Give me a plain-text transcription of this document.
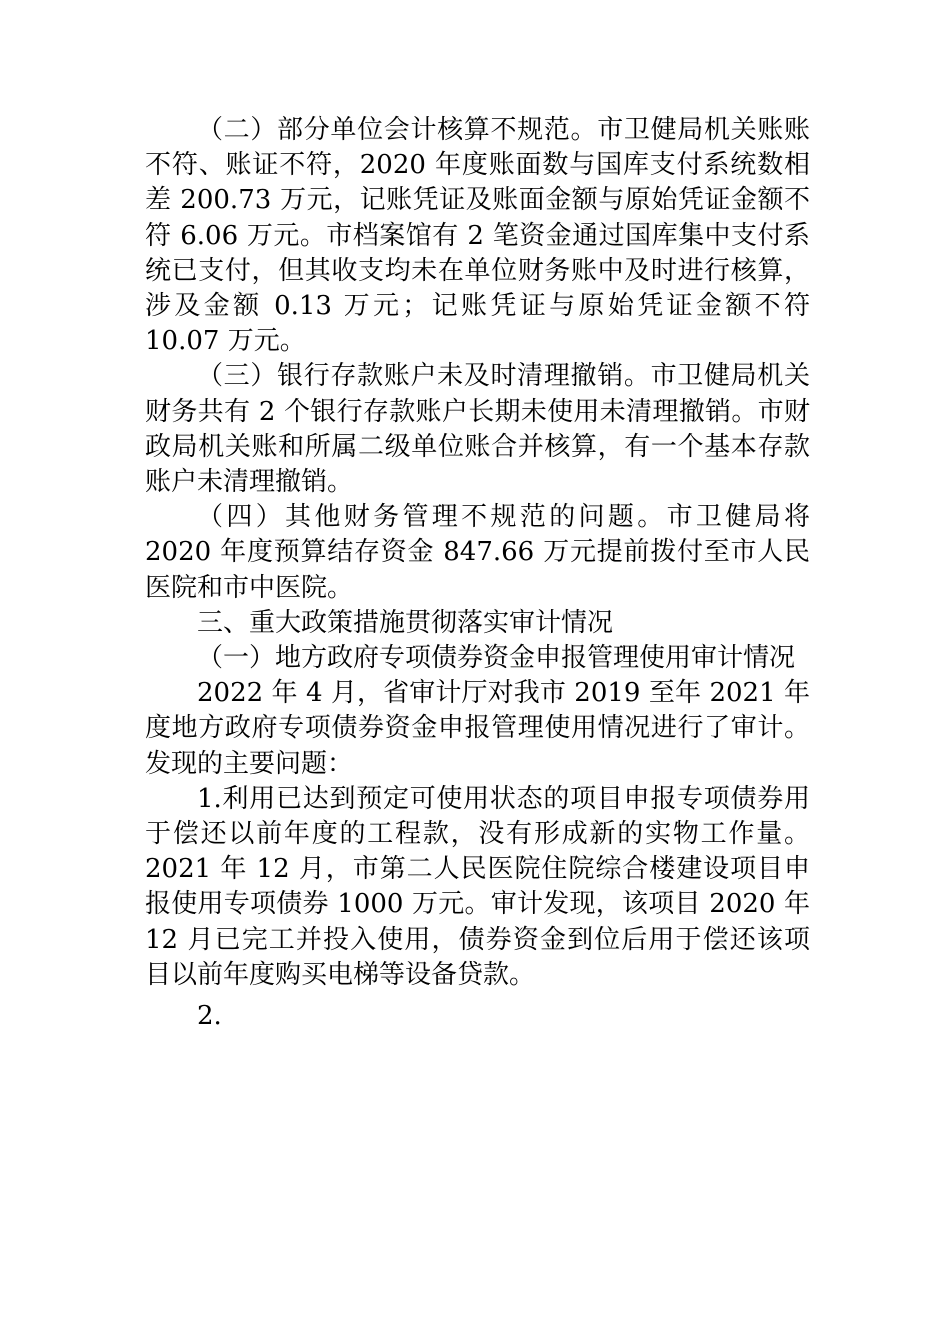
（二）部分单位会计核算不规范。市卫健局机关账账不符、账证不符，2020 年度账面数与国库支付系统数相差 200.73 万元，记账凭证及账面金额与原始凭证金额不符 6.06 万元。市档案馆有 2 笔资金通过国库集中支付系统已支付，但其收支均未在单位财务账中及时进行核算，涉及金额 0.13 万元；记账凭证与原始凭证金额不符 10.07 万元。

（三）银行存款账户未及时清理撤销。市卫健局机关财务共有 2 个银行存款账户长期未使用未清理撤销。市财政局机关账和所属二级单位账合并核算，有一个基本存款账户未清理撤销。

（四）其他财务管理不规范的问题。市卫健局将 2020 年度预算结存资金 847.66 万元提前拨付至市人民医院和市中医院。

三、重大政策措施贯彻落实审计情况

（一）地方政府专项债券资金申报管理使用审计情况

2022 年 4 月，省审计厅对我市 2019 至年 2021 年度地方政府专项债券资金申报管理使用情况进行了审计。发现的主要问题：

1.利用已达到预定可使用状态的项目申报专项债券用于偿还以前年度的工程款，没有形成新的实物工作量。2021 年 12 月，市第二人民医院住院综合楼建设项目申报使用专项债券 1000 万元。审计发现，该项目 2020 年 12 月已完工并投入使用，债券资金到位后用于偿还该项目以前年度购买电梯等设备贷款。

2.
